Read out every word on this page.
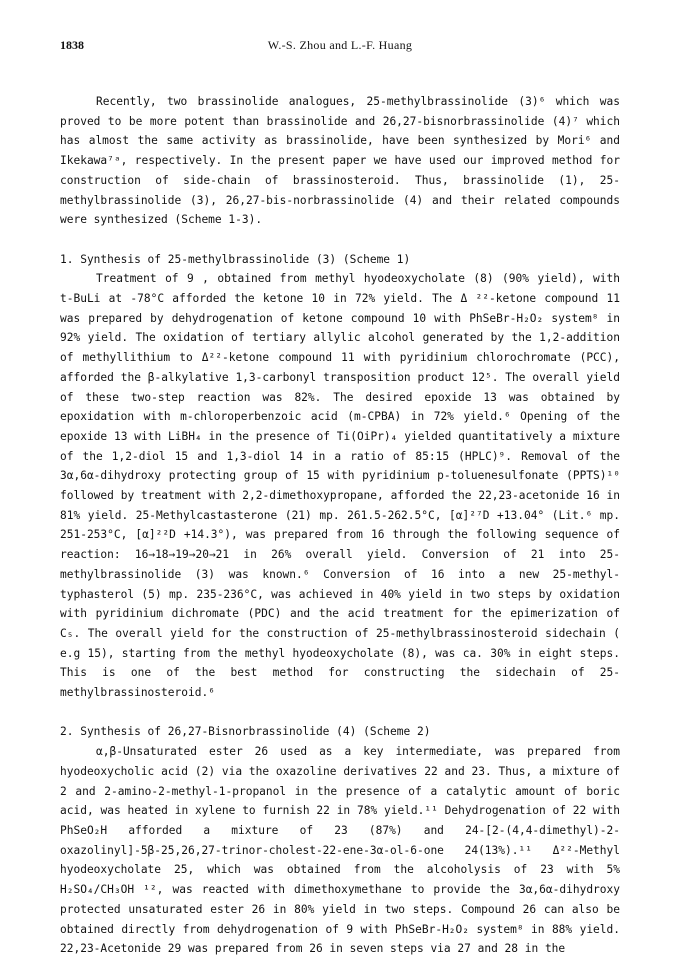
1838	W.-S. Zhou and L.-F. Huang

Recently, two brassinolide analogues, 25-methylbrassinolide (3)⁶ which was proved to be more potent than brassinolide and 26,27-bisnorbrassinolide (4)⁷ which has almost the same activity as brassinolide, have been synthesized by Mori⁶ and Ikekawa⁷ᵃ, respectively. In the present paper we have used our improved method for construction of side-chain of brassinosteroid. Thus, brassinolide (1), 25-methylbrassinolide (3), 26,27-bis-norbrassinolide (4) and their related compounds were synthesized (Scheme 1-3).

1. Synthesis of 25-methylbrassinolide (3) (Scheme 1)

Treatment of 9 , obtained from methyl hyodeoxycholate (8) (90% yield), with t-BuLi at -78°C afforded the ketone 10 in 72% yield. The Δ ²²-ketone compound 11 was prepared by dehydrogenation of ketone compound 10 with PhSeBr-H₂O₂ system⁸ in 92% yield. The oxidation of tertiary allylic alcohol generated by the 1,2-addition of methyllithium to Δ²²-ketone compound 11 with pyridinium chlorochromate (PCC), afforded the β-alkylative 1,3-carbonyl transposition product 12⁵. The overall yield of these two-step reaction was 82%. The desired epoxide 13 was obtained by epoxidation with m-chloroperbenzoic acid (m-CPBA) in 72% yield.⁶ Opening of the epoxide 13 with LiBH₄ in the presence of Ti(OiPr)₄ yielded quantitatively a mixture of the 1,2-diol 15 and 1,3-diol 14 in a ratio of 85:15 (HPLC)⁹. Removal of the 3α,6α-dihydroxy protecting group of 15 with pyridinium p-toluenesulfonate (PPTS)¹⁰ followed by treatment with 2,2-dimethoxypropane, afforded the 22,23-acetonide 16 in 81% yield. 25-Methylcastasterone (21) mp. 261.5-262.5°C, [α]²⁷D +13.04° (Lit.⁶ mp. 251-253°C, [α]²²D +14.3°), was prepared from 16 through the following sequence of reaction: 16→18→19→20→21 in 26% overall yield. Conversion of 21 into 25-methylbrassinolide (3) was known.⁶ Conversion of 16 into a new 25-methyl-typhasterol (5) mp. 235-236°C, was achieved in 40% yield in two steps by oxidation with pyridinium dichromate (PDC) and the acid treatment for the epimerization of C₅. The overall yield for the construction of 25-methylbrassinosteroid sidechain ( e.g 15), starting from the methyl hyodeoxycholate (8), was ca. 30% in eight steps. This is one of the best method for constructing the sidechain of 25-methylbrassinosteroid.⁶

2. Synthesis of 26,27-Bisnorbrassinolide (4) (Scheme 2)

α,β-Unsaturated ester 26 used as a key intermediate, was prepared from hyodeoxycholic acid (2) via the oxazoline derivatives 22 and 23. Thus, a mixture of 2 and 2-amino-2-methyl-1-propanol in the presence of a catalytic amount of boric acid, was heated in xylene to furnish 22 in 78% yield.¹¹ Dehydrogenation of 22 with PhSeO₂H afforded a mixture of 23 (87%) and 24-[2-(4,4-dimethyl)-2-oxazolinyl]-5β-25,26,27-trinor-cholest-22-ene-3α-ol-6-one 24(13%).¹¹ Δ²²-Methyl hyodeoxycholate 25, which was obtained from the alcoholysis of 23 with 5% H₂SO₄/CH₃OH ¹², was reacted with dimethoxymethane to provide the 3α,6α-dihydroxy protected unsaturated ester 26 in 80% yield in two steps. Compound 26 can also be obtained directly from dehydrogenation of 9 with PhSeBr-H₂O₂ system⁸ in 88% yield. 22,23-Acetonide 29 was prepared from 26 in seven steps via 27 and 28 in the
